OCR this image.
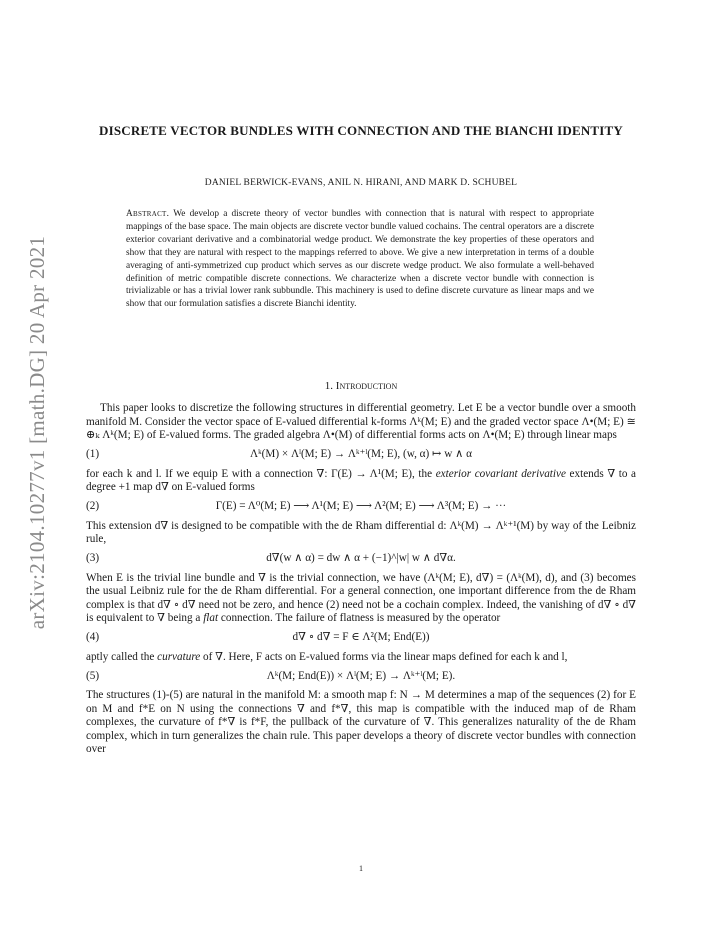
arXiv:2104.10277v1 [math.DG] 20 Apr 2021
DISCRETE VECTOR BUNDLES WITH CONNECTION AND THE BIANCHI IDENTITY
DANIEL BERWICK-EVANS, ANIL N. HIRANI, AND MARK D. SCHUBEL
Abstract. We develop a discrete theory of vector bundles with connection that is natural with respect to appropriate mappings of the base space. The main objects are discrete vector bundle valued cochains. The central operators are a discrete exterior covariant derivative and a combinatorial wedge product. We demonstrate the key properties of these operators and show that they are natural with respect to the mappings referred to above. We give a new interpretation in terms of a double averaging of anti-symmetrized cup product which serves as our discrete wedge product. We also formulate a well-behaved definition of metric compatible discrete connections. We characterize when a discrete vector bundle with connection is trivializable or has a trivial lower rank subbundle. This machinery is used to define discrete curvature as linear maps and we show that our formulation satisfies a discrete Bianchi identity.
1. Introduction

This paper looks to discretize the following structures in differential geometry. Let E be a vector bundle over a smooth manifold M. Consider the vector space of E-valued differential k-forms Λᵏ(M; E) and the graded vector space Λ•(M; E) ≅ ⊕ₖ Λᵏ(M; E) of E-valued forms. The graded algebra Λ•(M) of differential forms acts on Λ•(M; E) through linear maps

(1)	Λᵏ(M) × Λˡ(M; E) → Λᵏ⁺ˡ(M; E), (w, α) ↦ w ∧ α

for each k and l. If we equip E with a connection ∇: Γ(E) → Λ¹(M; E), the exterior covariant derivative extends ∇ to a degree +1 map d∇ on E-valued forms

(2)	Γ(E) = Λ⁰(M; E) ⟶ Λ¹(M; E) ⟶ Λ²(M; E) ⟶ Λ³(M; E) → ···

This extension d∇ is designed to be compatible with the de Rham differential d: Λᵏ(M) → Λᵏ⁺¹(M) by way of the Leibniz rule,

(3)	d∇(w ∧ α) = dw ∧ α + (−1)^|w| w ∧ d∇α.

When E is the trivial line bundle and ∇ is the trivial connection, we have (Λᵏ(M; E), d∇) = (Λᵏ(M), d), and (3) becomes the usual Leibniz rule for the de Rham differential. For a general connection, one important difference from the de Rham complex is that d∇ ∘ d∇ need not be zero, and hence (2) need not be a cochain complex. Indeed, the vanishing of d∇ ∘ d∇ is equivalent to ∇ being a flat connection. The failure of flatness is measured by the operator

(4)	d∇ ∘ d∇ = F ∈ Λ²(M; End(E))

aptly called the curvature of ∇. Here, F acts on E-valued forms via the linear maps defined for each k and l,

(5)	Λᵏ(M; End(E)) × Λˡ(M; E) → Λᵏ⁺ˡ(M; E).

The structures (1)-(5) are natural in the manifold M: a smooth map f: N → M determines a map of the sequences (2) for E on M and f*E on N using the connections ∇ and f*∇, this map is compatible with the induced map of de Rham complexes, the curvature of f*∇ is f*F, the pullback of the curvature of ∇. This generalizes naturality of the de Rham complex, which in turn generalizes the chain rule. This paper develops a theory of discrete vector bundles with connection over

1
